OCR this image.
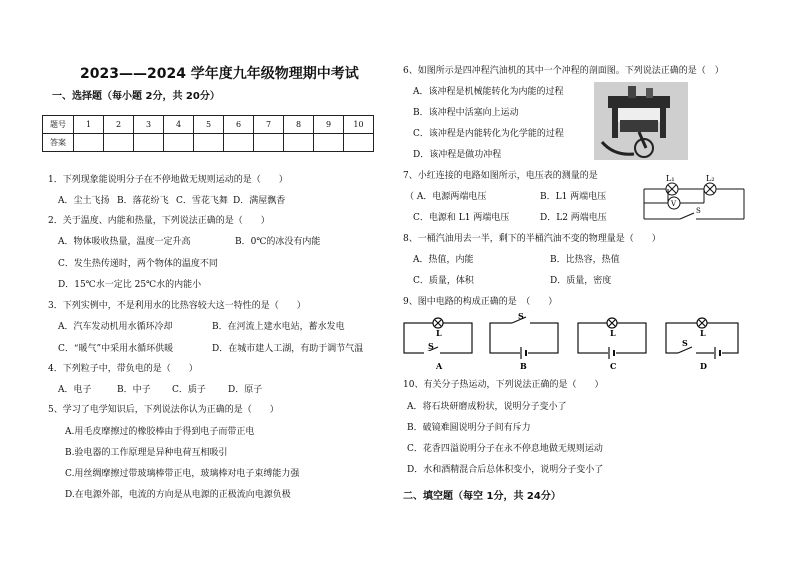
2023——2024 学年度九年级物理期中考试
一、选择题（每小题 2分，共 20分）
题号	1	2	3	4	5	6	7	8	9	10
答案										
1．下列现象能说明分子在不停地做无规则运动的是（　　）
A．尘土飞扬 B．落花纷飞 C．雪花飞舞 D．满屋飘香
2．关于温度、内能和热量，下列说法正确的是（　　）
A．物体吸收热量，温度一定升高	B．0℃的冰没有内能
C．发生热传递时，两个物体的温度不同
D．15℃水一定比 25℃水的内能小
3．下列实例中，不是利用水的比热容较大这一特性的是（　　）
A．汽车发动机用水循环冷却	B．在河流上建水电站，蓄水发电
C．“暖气”中采用水循环供暖	D．在城市建人工湖，有助于调节气温
4．下列粒子中，带负电的是（　　）
A．电子	B．中子 C．质子 D．原子
5、学习了电学知识后，下列说法你认为正确的是（　　）
A.用毛皮摩擦过的橡胶棒由于得到电子而带正电
B.验电器的工作原理是异种电荷互相吸引
C.用丝绸摩擦过带玻璃棒带正电，玻璃棒对电子束缚能力强
D.在电源外部，电流的方向是从电源的正极流向电源负极
6、如图所示是四冲程汽油机的其中一个冲程的剖面图。下列说法正确的是（　）
A．该冲程是机械能转化为内能的过程
B．该冲程中活塞向上运动
C．该冲程是内能转化为化学能的过程
D．该冲程是做功冲程
7、小红连接的电路如图所示，电压表的测量的是
（ A．电源两端电压	B．L1 两端电压
C．电源和 L1 两端电压	D．L2 两端电压
L₁	L₂
V
S
8、一桶汽油用去一半，剩下的半桶汽油不变的物理量是（　　）
A．热值，内能	B．比热容，热值
C．质量，体积	D．质量，密度
9、图中电路的构成正确的是　（　　）
L
S
S
L	L
S
A	B	C	D
10、有关分子热运动，下列说法正确的是（　　）
A．将石块研磨成粉状，说明分子变小了
B．破镜难圆说明分子间有斥力
C．花香四溢说明分子在永不停息地做无规则运动
D．水和酒精混合后总体积变小，说明分子变小了
二、填空题（每空 1分，共 24分）
